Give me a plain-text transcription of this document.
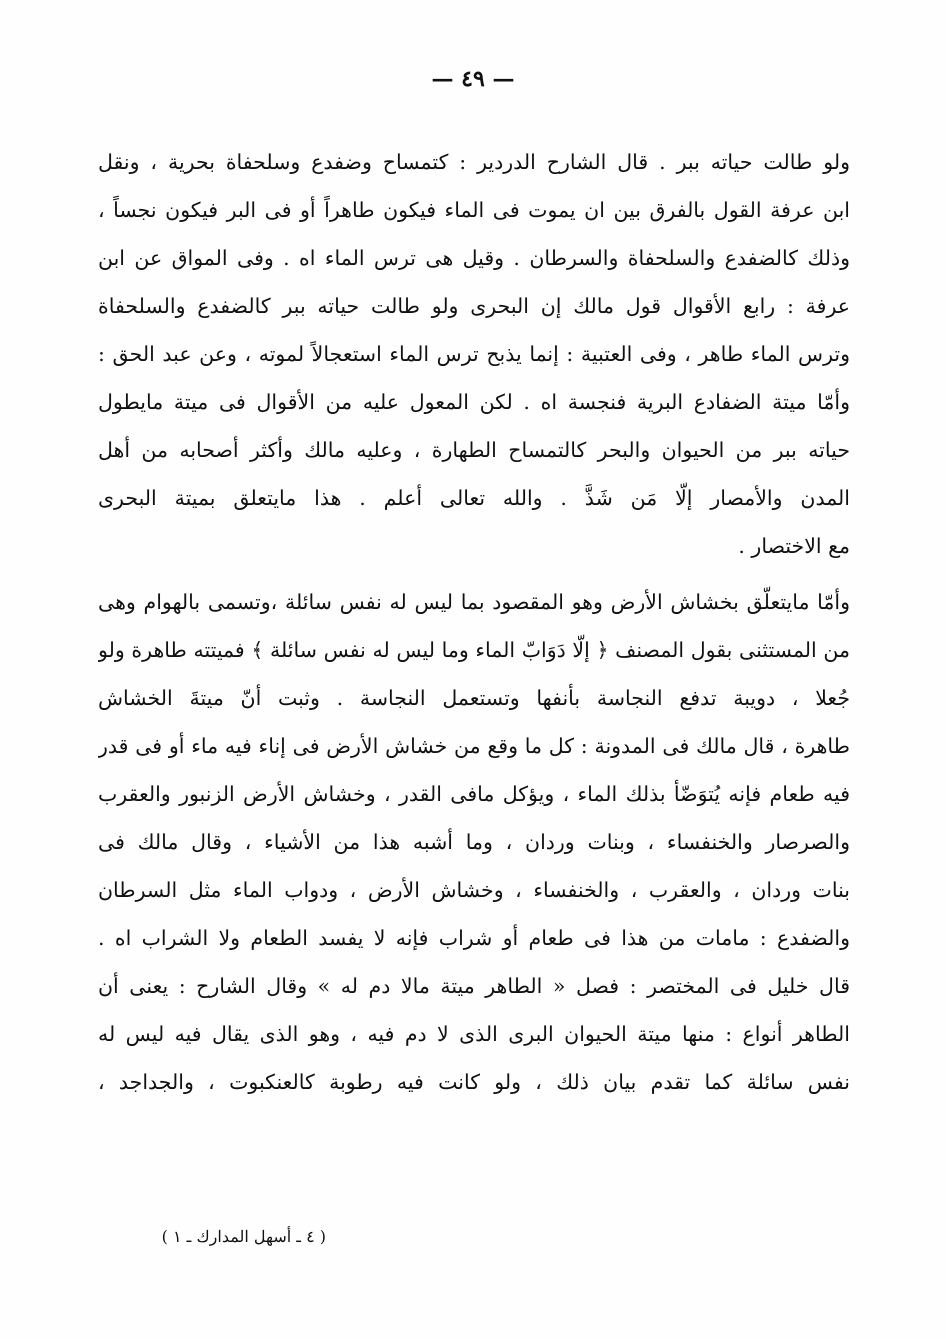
— ٤٩ —
ولو طالت حياته ببر . قال الشارح الدردير : كتمساح وضفدع وسلحفاة بحرية ، ونقل
ابن عرفة القول بالفرق بين ان يموت فى الماء فيكون طاهراً أو فى البر فيكون نجساً ،
وذلك كالضفدع والسلحفاة والسرطان . وقيل هى ترس الماء اه . وفى المواق عن ابن
عرفة : رابع الأقوال قول مالك إن البحرى ولو طالت حياته ببر كالضفدع والسلحفاة
وترس الماء طاهر ، وفى العتبية : إنما يذبح ترس الماء استعجالاً لموته ، وعن عبد الحق :
وأمّا ميتة الضفادع البرية فنجسة اه . لكن المعول عليه من الأقوال فى ميتة مايطول
حياته ببر من الحيوان والبحر كالتمساح الطهارة ، وعليه مالك وأكثر أصحابه من أهل
المدن والأمصار إلّا مَن شَذَّ . والله تعالى أعلم . هذا مايتعلق بميتة البحرى
مع الاختصار .
وأمّا مايتعلّق بخشاش الأرض وهو المقصود بما ليس له نفس سائلة ،وتسمى بالهوام وهى
من المستثنى بقول المصنف ﴿ إلّا دَوَابّ الماء وما ليس له نفس سائلة ﴾ فميتته طاهرة ولو
جُعلا ، دويبة تدفع النجاسة بأنفها وتستعمل النجاسة . وثبت أنّ ميتةَ الخشاش
طاهرة ، قال مالك فى المدونة : كل ما وقع من خشاش الأرض فى إناء فيه ماء أو فى قدر
فيه طعام فإنه يُتوَضّأ بذلك الماء ، ويؤكل مافى القدر ، وخشاش الأرض الزنبور والعقرب
والصرصار والخنفساء ، وبنات وردان ، وما أشبه هذا من الأشياء ، وقال مالك فى
بنات وردان ، والعقرب ، والخنفساء ، وخشاش الأرض ، ودواب الماء مثل السرطان
والضفدع : مامات من هذا فى طعام أو شراب فإنه لا يفسد الطعام ولا الشراب اه .
قال خليل فى المختصر : فصل « الطاهر ميتة مالا دم له » وقال الشارح : يعنى أن
الطاهر أنواع : منها ميتة الحيوان البرى الذى لا دم فيه ، وهو الذى يقال فيه ليس له
نفس سائلة كما تقدم بيان ذلك ، ولو كانت فيه رطوبة كالعنكبوت ، والجداجد ،
( ٤ ـ أسهل المدارك ـ ١ )
